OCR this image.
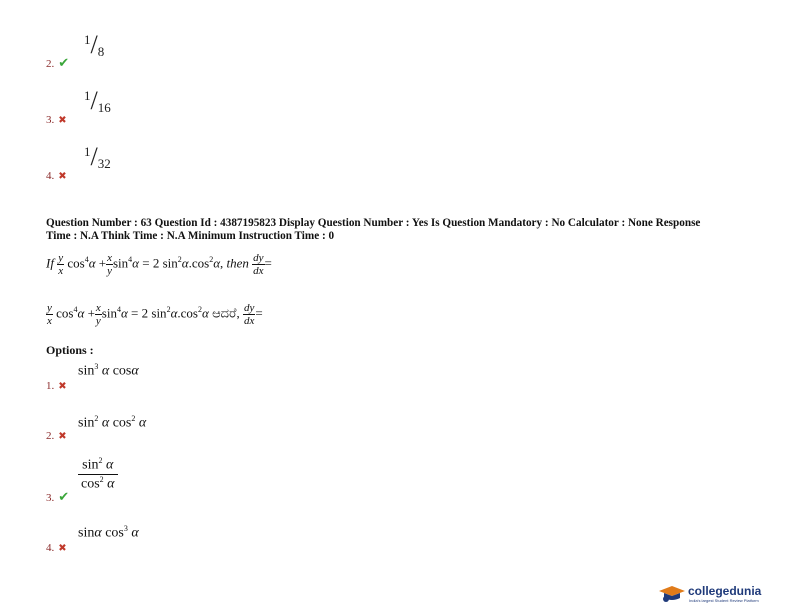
2. ✔
$^1$/8
3. ✖
$^1$/16
4. ✖
$^1$/32
Question Number : 63 Question Id : 4387195823 Display Question Number : Yes Is Question Mandatory : No Calculator : None Response
Time : N.A Think Time : N.A Minimum Instruction Time : 0
If $\frac{y}{x} \cos^4\alpha + \frac{x}{y} \sin^4\alpha = 2$ $\sin^2\alpha.\cos^2\alpha$, then $\frac{dy}{dx}$ =
$\frac{y}{x} \cos^4\alpha + \frac{x}{y} \sin^4\alpha = 2$ $\sin^2\alpha.\cos^2\alpha$ ಆದರೆ, $\frac{dy}{dx}$ =
Options :
1. ✖
$\sin^3 \alpha$ cosα
2. ✖
$\sin^2 \alpha$ $\cos^2 \alpha$
3. ✔
$\sin^2 \alpha$
$\cos^2 \alpha$
4. ✖
sinα $\cos^3 \alpha$
collegedunia
India's largest Student Review Platform
